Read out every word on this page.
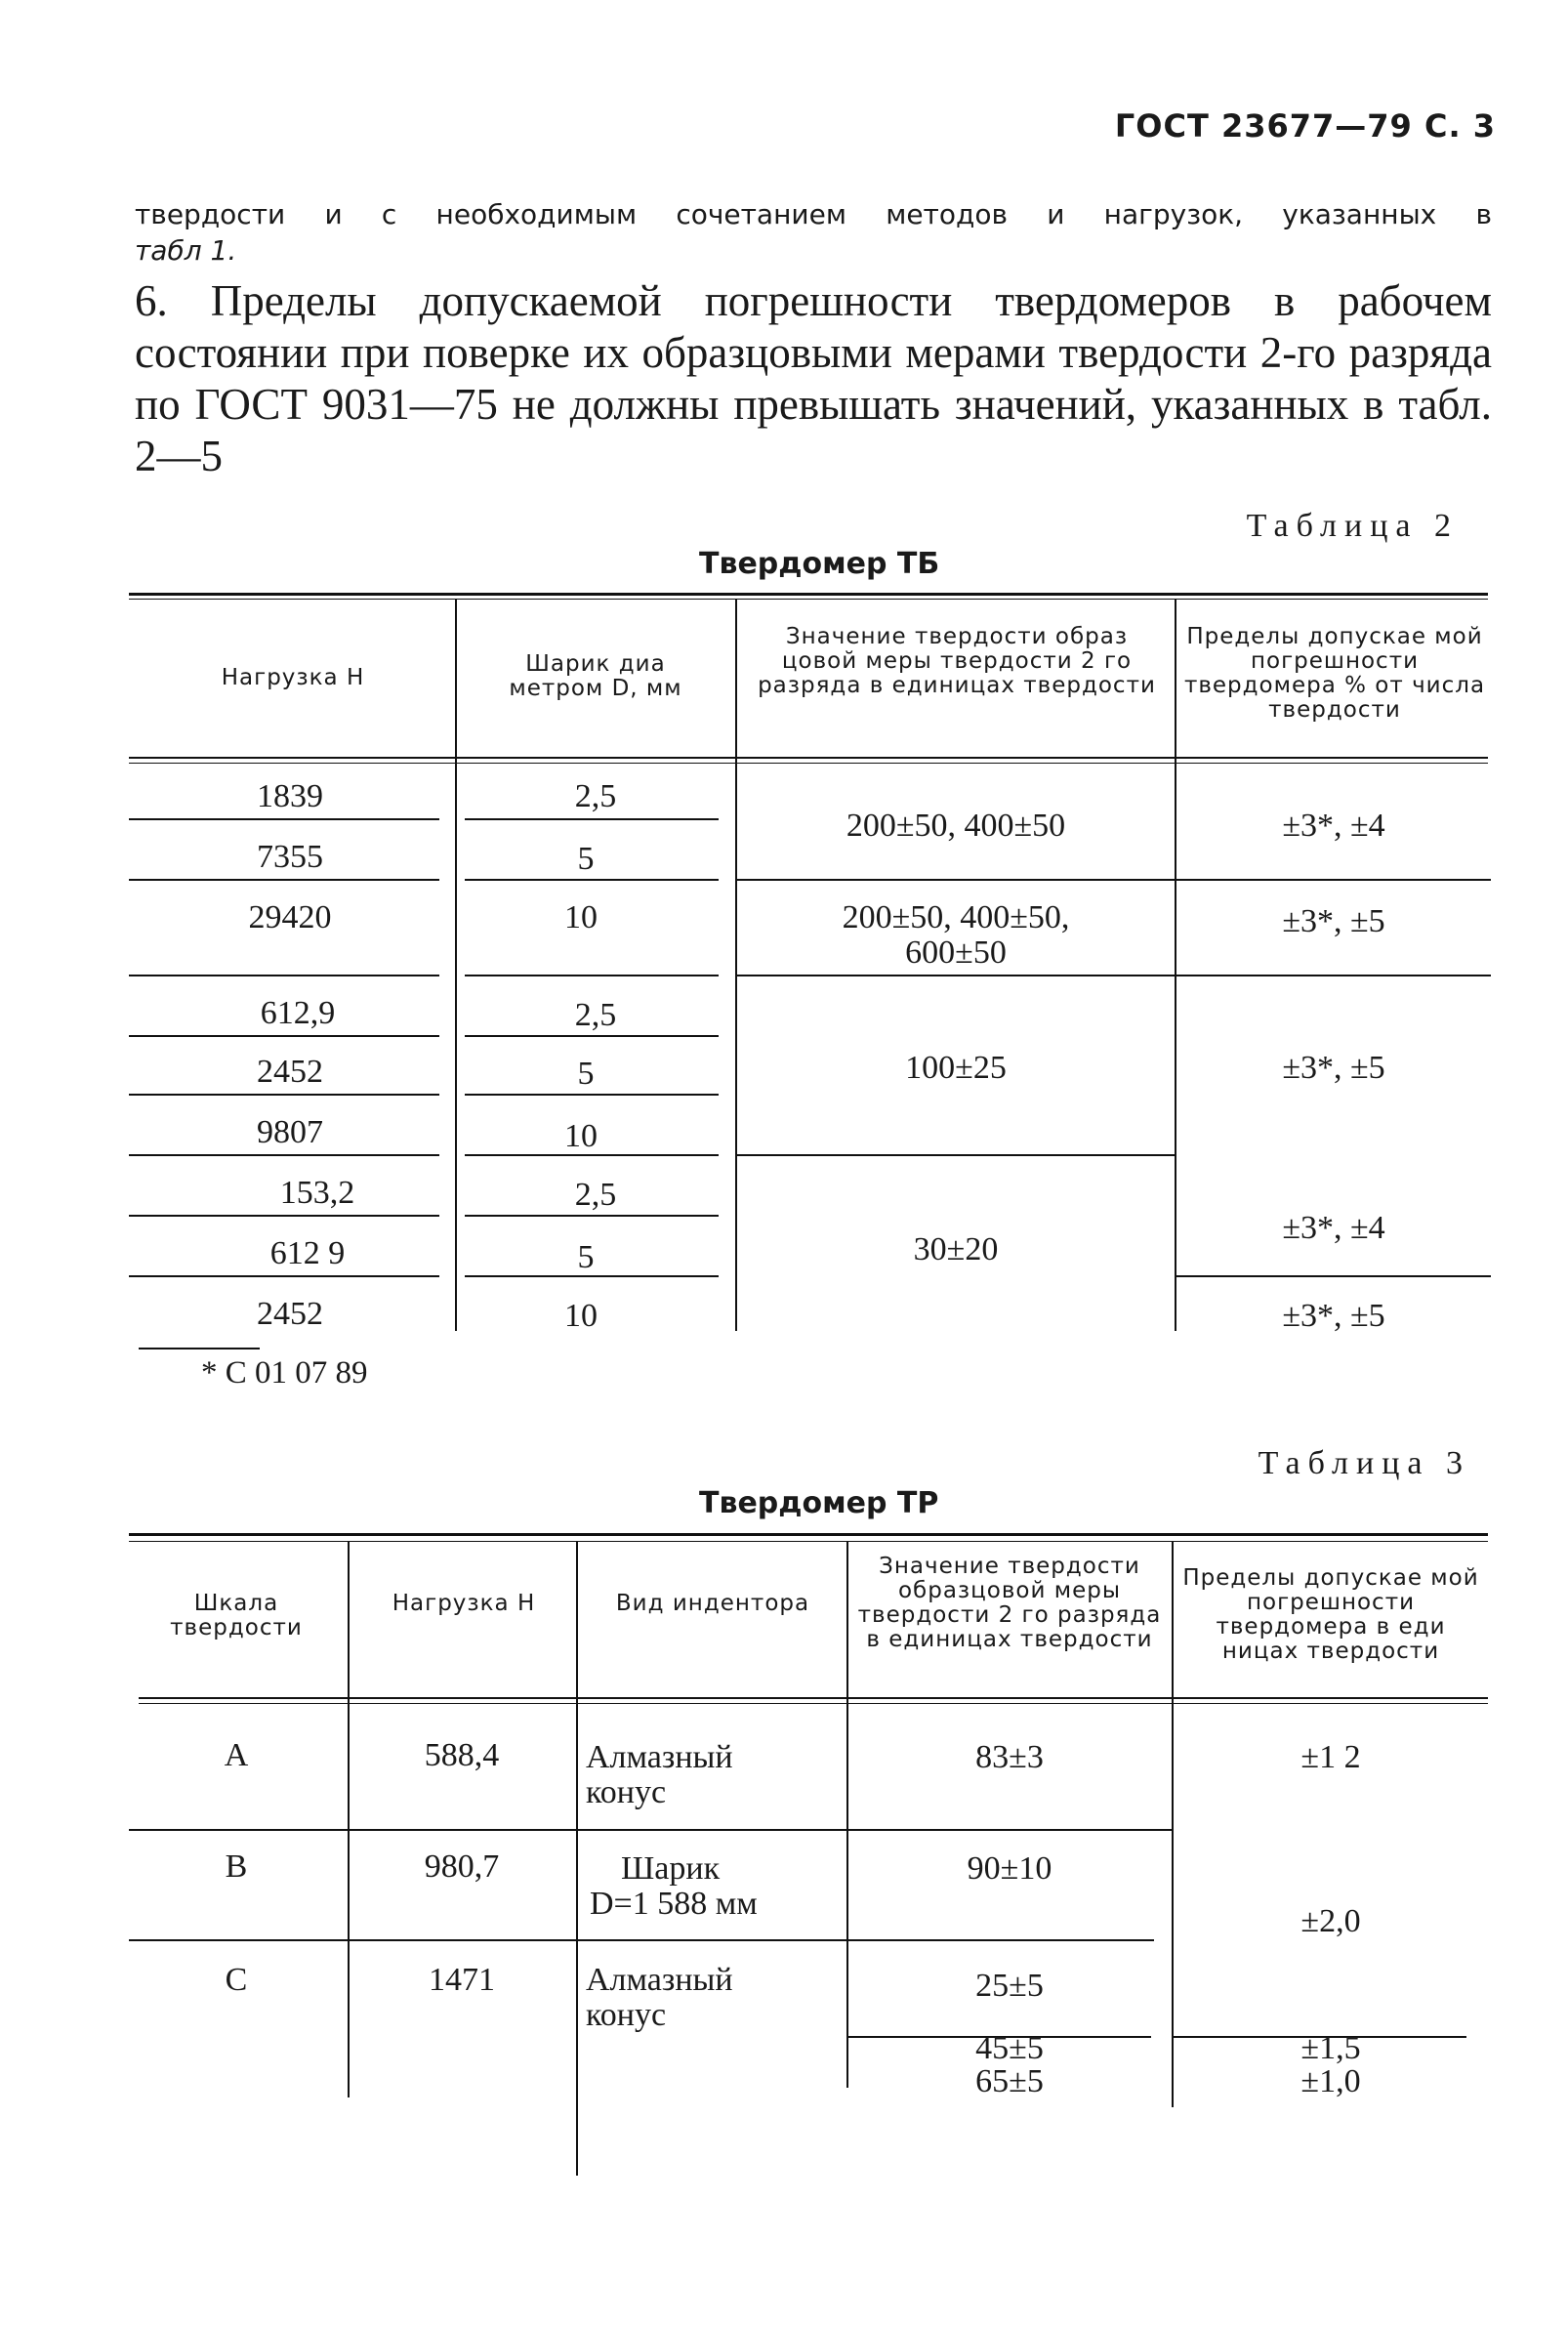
ГОСТ 23677—79 С. 3
твердости и с необходимым сочетанием методов и нагрузок, указанных в
табл 1.
6. Пределы допускаемой погрешности твердомеров в рабочем состоянии при поверке их образцовыми мерами твердости 2-го разряда по ГОСТ 9031—75 не должны превышать значений, указанных в табл. 2—5
Таблица 2
Твердомер ТБ
Нагрузка Н
Шарик диа метром D, мм
Значение твердости образ цовой меры твердости 2 го разряда в единицах твердости
Пределы допускае мой погрешности твердомера % от числа твердости
1839
7355
29420
612,9
2452
9807
153,2
612 9
2452
2,5
5
10
2,5
5
10
2,5
5
10
200±50, 400±50
200±50, 400±50,
600±50
100±25
30±20
±3*, ±4
±3*, ±5
±3*, ±5
±3*, ±4
±3*, ±5
* С 01 07 89
Таблица 3
Твердомер ТР
Шкала твердости
Нагрузка Н	Вид индентора
Значение твердости образцовой меры твердости 2 го разряда в единицах твердости
Пределы допускае мой погрешности твердомера в еди ницах твердости
А
В
С
588,4
980,7
1471
Алмазный
конус
Шарик
D=1 588 мм
Алмазный
конус
83±3
90±10
25±5
45±5
65±5
±1 2
±2,0
±1,5
±1,0
